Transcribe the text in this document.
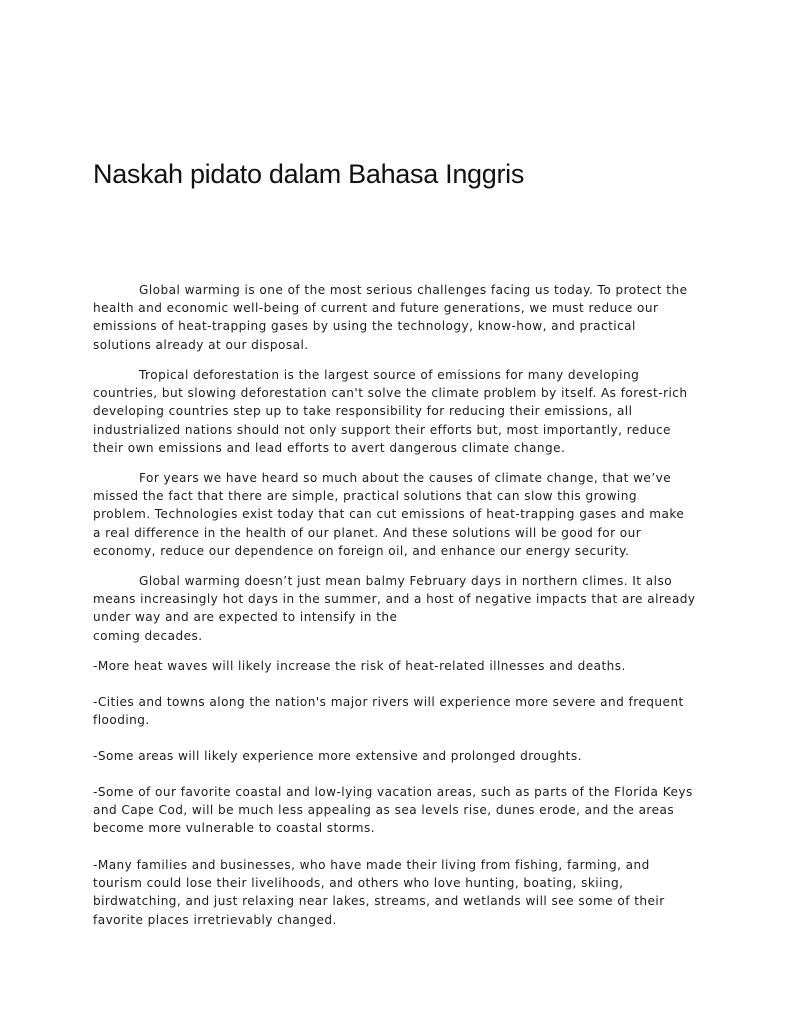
Naskah pidato dalam Bahasa Inggris

Global warming is one of the most serious challenges facing us today. To protect the
health and economic well-being of current and future generations, we must reduce our
emissions of heat-trapping gases by using the technology, know-how, and practical
solutions already at our disposal.

Tropical deforestation is the largest source of emissions for many developing
countries, but slowing deforestation can't solve the climate problem by itself. As forest-rich
developing countries step up to take responsibility for reducing their emissions, all
industrialized nations should not only support their efforts but, most importantly, reduce
their own emissions and lead efforts to avert dangerous climate change.

For years we have heard so much about the causes of climate change, that we’ve
missed the fact that there are simple, practical solutions that can slow this growing
problem. Technologies exist today that can cut emissions of heat-trapping gases and make
a real difference in the health of our planet. And these solutions will be good for our
economy, reduce our dependence on foreign oil, and enhance our energy security.

Global warming doesn’t just mean balmy February days in northern climes. It also
means increasingly hot days in the summer, and a host of negative impacts that are already
under way and are expected to intensify in the
coming decades.

-More heat waves will likely increase the risk of heat-related illnesses and deaths.

-Cities and towns along the nation's major rivers will experience more severe and frequent
flooding.

-Some areas will likely experience more extensive and prolonged droughts.

-Some of our favorite coastal and low-lying vacation areas, such as parts of the Florida Keys
and Cape Cod, will be much less appealing as sea levels rise, dunes erode, and the areas
become more vulnerable to coastal storms.

-Many families and businesses, who have made their living from fishing, farming, and
tourism could lose their livelihoods, and others who love hunting, boating, skiing,
birdwatching, and just relaxing near lakes, streams, and wetlands will see some of their
favorite places irretrievably changed.
